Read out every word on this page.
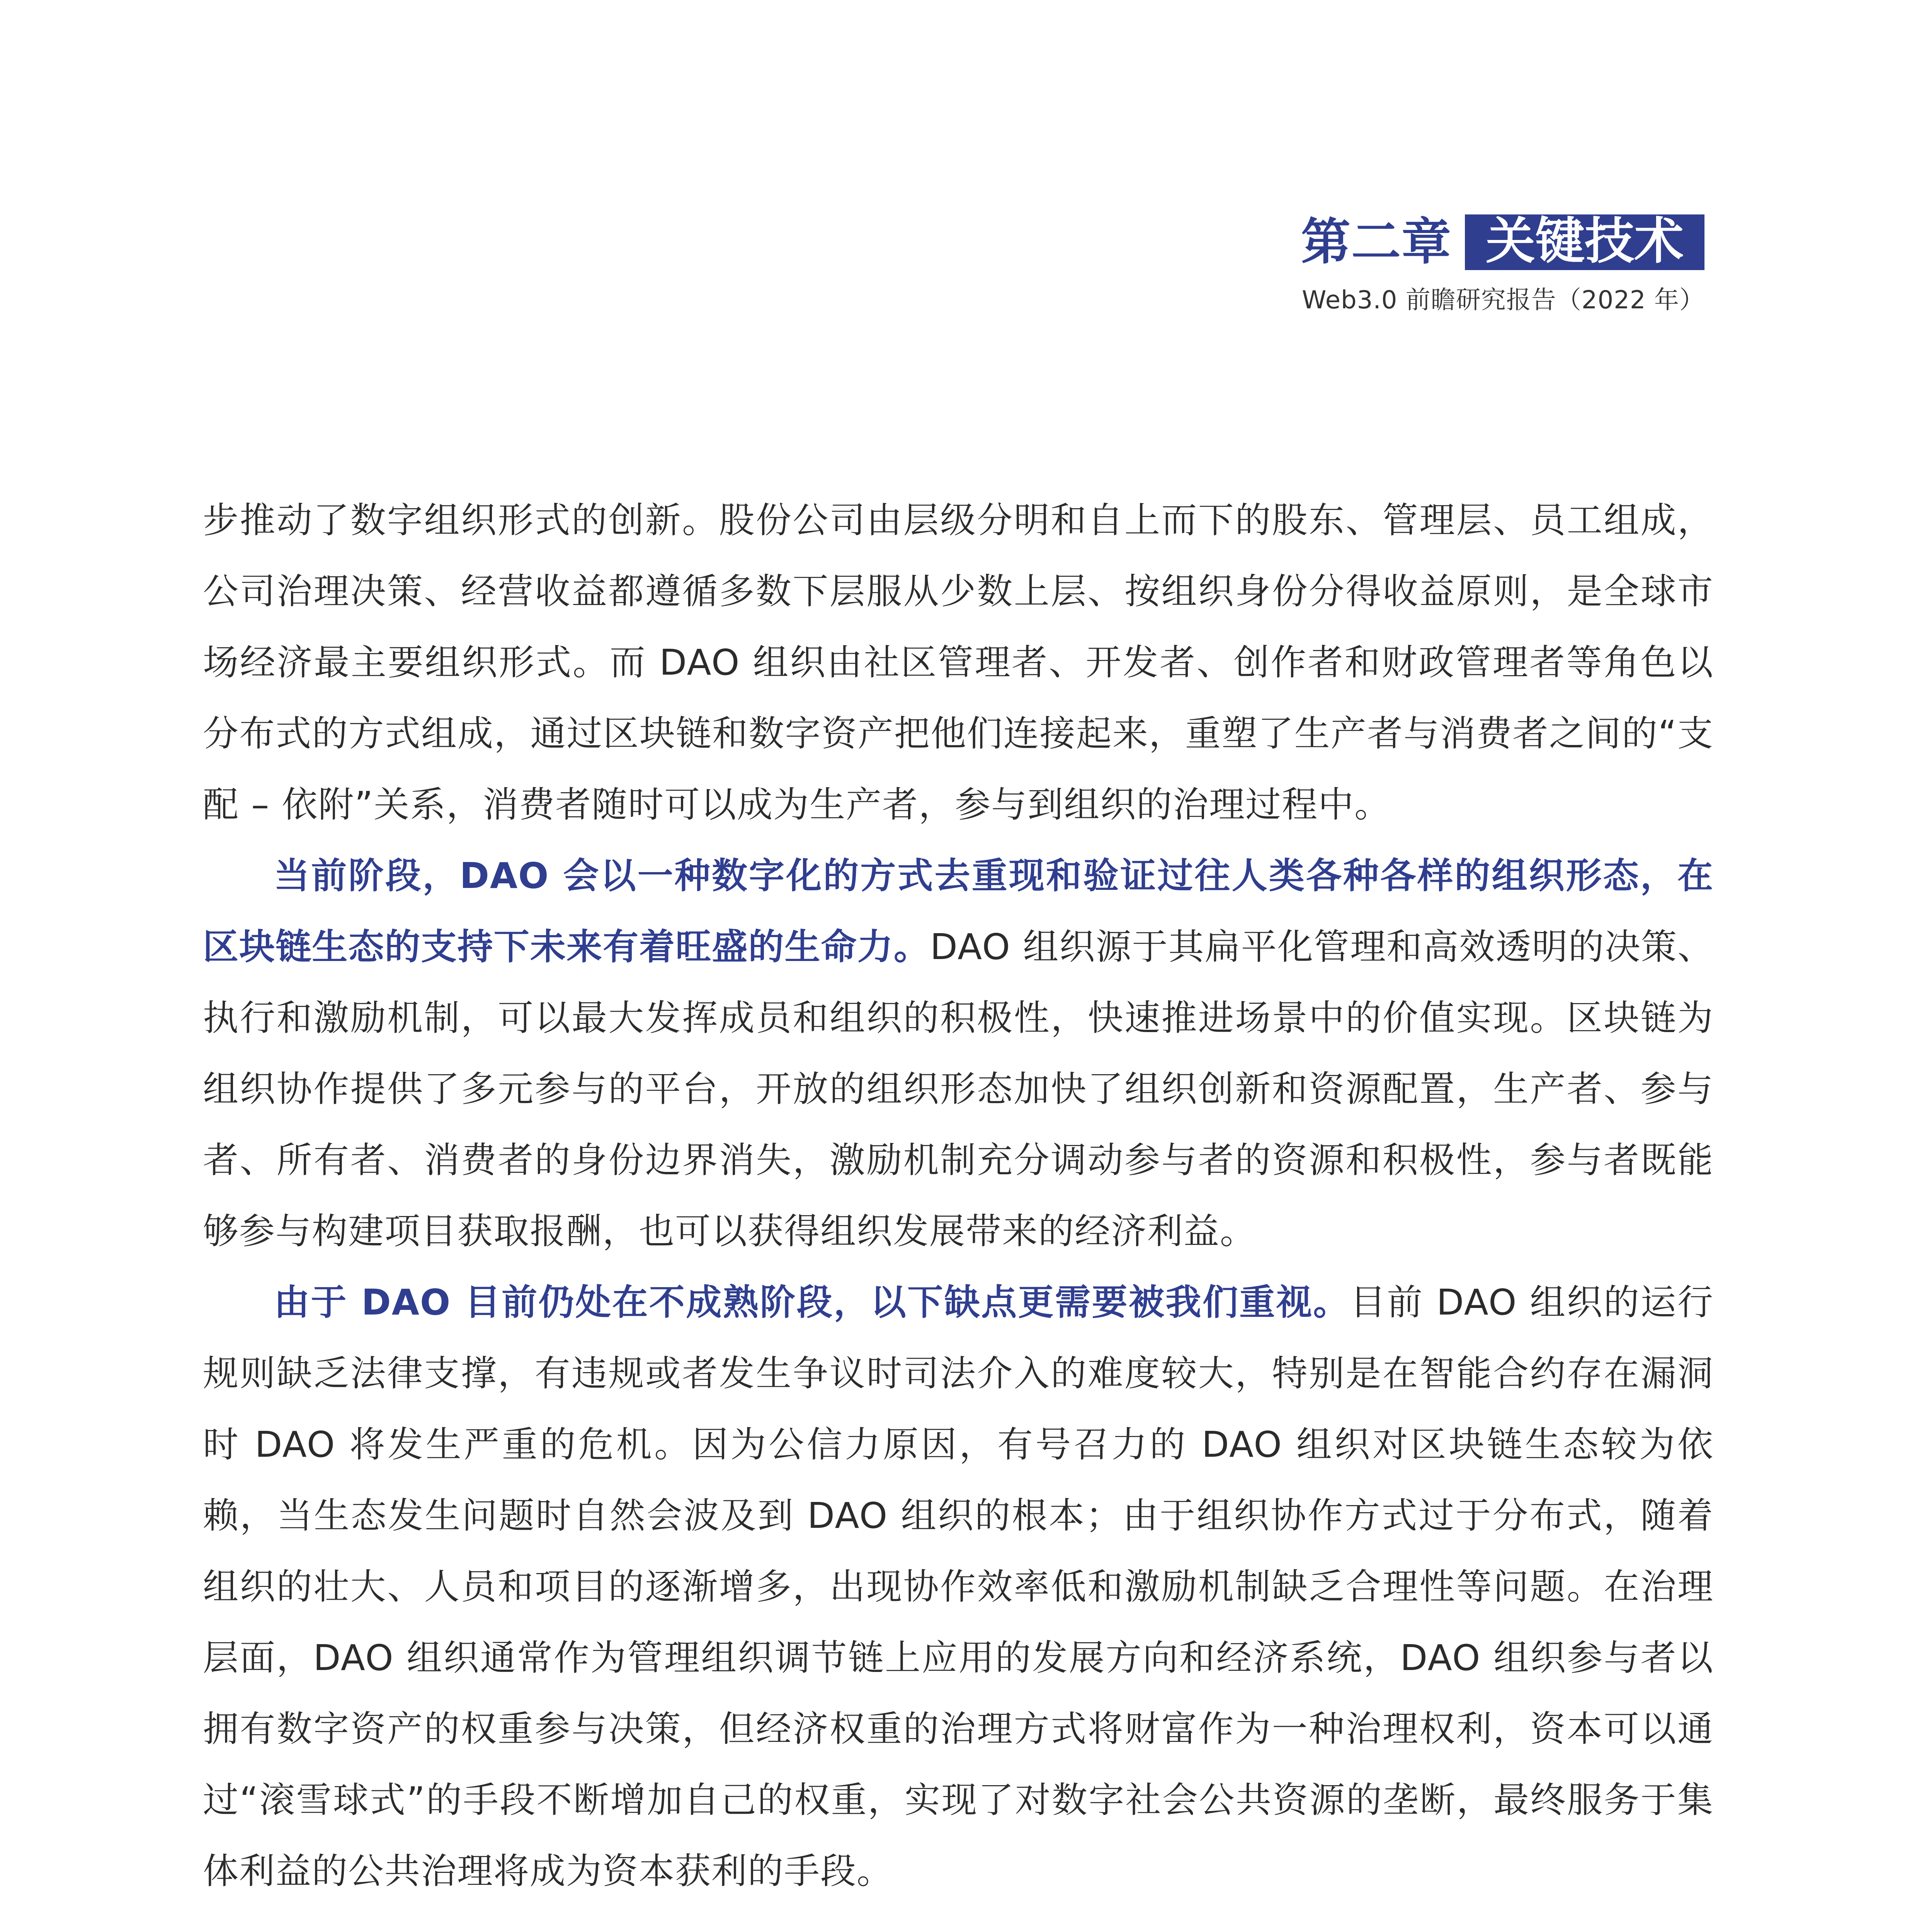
第二章 关键技术
Web3.0 前瞻研究报告（2022 年）

步推动了数字组织形式的创新。股份公司由层级分明和自上而下的股东、管理层、员工组成，公司治理决策、经营收益都遵循多数下层服从少数上层、按组织身份分得收益原则，是全球市场经济最主要组织形式。而 DAO 组织由社区管理者、开发者、创作者和财政管理者等角色以分布式的方式组成，通过区块链和数字资产把他们连接起来，重塑了生产者与消费者之间的“支配 – 依附”关系，消费者随时可以成为生产者，参与到组织的治理过程中。

当前阶段，DAO 会以一种数字化的方式去重现和验证过往人类各种各样的组织形态，在区块链生态的支持下未来有着旺盛的生命力。DAO 组织源于其扁平化管理和高效透明的决策、执行和激励机制，可以最大发挥成员和组织的积极性，快速推进场景中的价值实现。区块链为组织协作提供了多元参与的平台，开放的组织形态加快了组织创新和资源配置，生产者、参与者、所有者、消费者的身份边界消失，激励机制充分调动参与者的资源和积极性，参与者既能够参与构建项目获取报酬，也可以获得组织发展带来的经济利益。

由于 DAO 目前仍处在不成熟阶段，以下缺点更需要被我们重视。目前 DAO 组织的运行规则缺乏法律支撑，有违规或者发生争议时司法介入的难度较大，特别是在智能合约存在漏洞时 DAO 将发生严重的危机。因为公信力原因，有号召力的 DAO 组织对区块链生态较为依赖，当生态发生问题时自然会波及到 DAO 组织的根本；由于组织协作方式过于分布式，随着组织的壮大、人员和项目的逐渐增多，出现协作效率低和激励机制缺乏合理性等问题。在治理层面，DAO 组织通常作为管理组织调节链上应用的发展方向和经济系统，DAO 组织参与者以拥有数字资产的权重参与决策，但经济权重的治理方式将财富作为一种治理权利，资本可以通过“滚雪球式”的手段不断增加自己的权重，实现了对数字社会公共资源的垄断，最终服务于集体利益的公共治理将成为资本获利的手段。
